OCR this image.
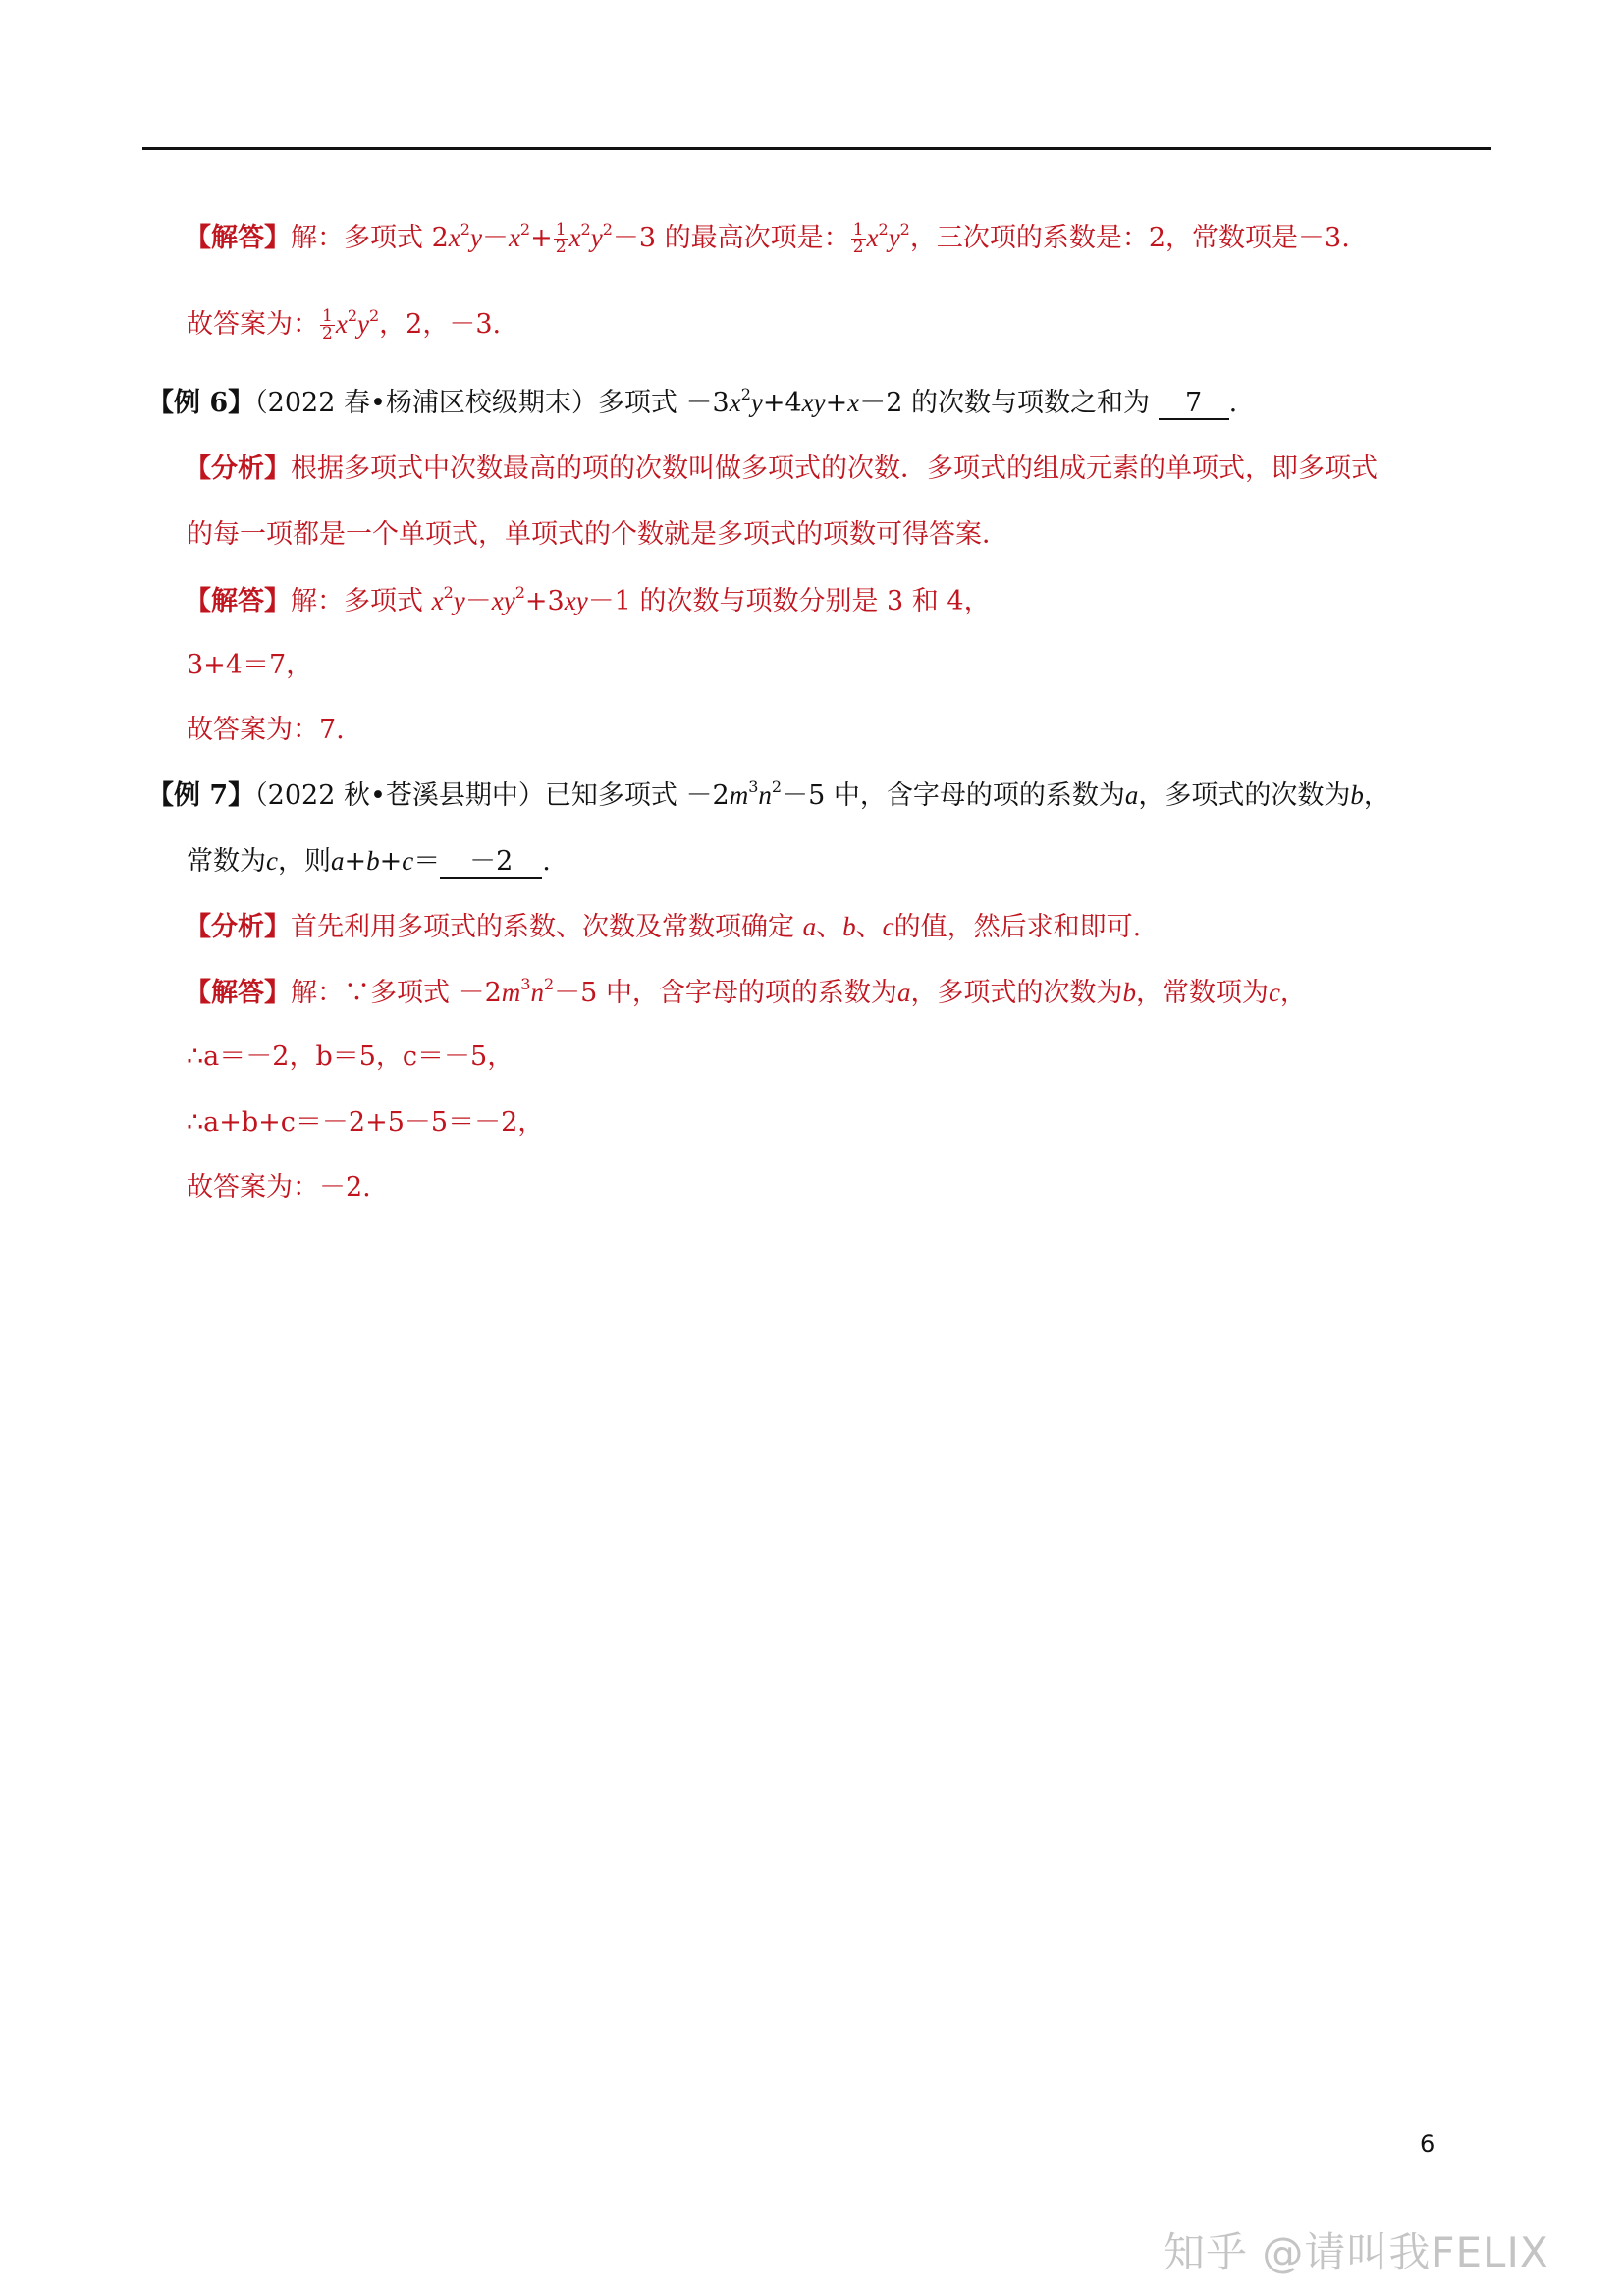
【解答】解：多项式 $2x^2y-x^2+ \frac{1}{2} x^2y^2-3$ 的最高次项是： $\frac{1}{2} x^2y^2$，三次项的系数是：2，常数项是－3.
故答案为： $\frac{1}{2} x^2y^2$，2，－3.
【例 6】（2022 春•杨浦区校级期末）多项式 $-3x^2y+4xy+x-2$ 的次数与项数之和为 7 .
【分析】根据多项式中次数最高的项的次数叫做多项式的次数．多项式的组成元素的单项式，即多项式
的每一项都是一个单项式，单项式的个数就是多项式的项数可得答案．
【解答】解：多项式 $x^2y-xy^2+3xy-1$ 的次数与项数分别是 3 和 4，
3+4＝7，
故答案为：7.
【例 7】（2022 秋•苍溪县期中）已知多项式 $-2m^3n^2-5$ 中，含字母的项的系数为a，多项式的次数为b，
常数为c，则a+b+c＝ －2 .
【分析】首先利用多项式的系数、次数及常数项确定 a、b、c的值，然后求和即可.
【解答】解：∵多项式 $-2m^3n^2-5$ 中，含字母的项的系数为a，多项式的次数为b，常数项为c，
∴a＝－2，b＝5，c＝－5，
∴a+b+c＝－2+5－5＝－2，
故答案为：－2.
6
知乎 @请叫我FELIX
